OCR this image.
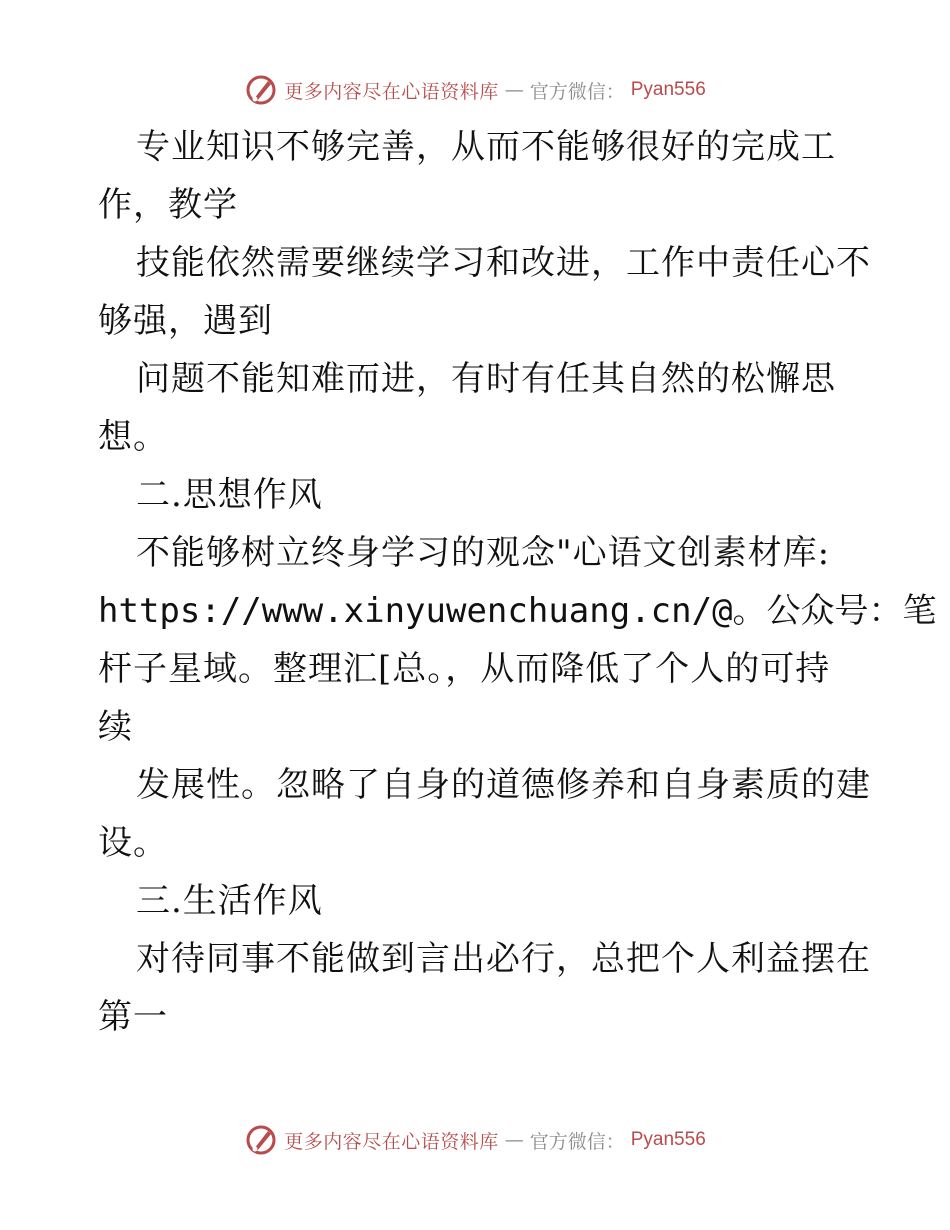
更多内容尽在心语资料库 — 官方微信： Pyan556
专业知识不够完善，从而不能够很好的完成工
作，教学
技能依然需要继续学习和改进，工作中责任心不
够强，遇到
问题不能知难而进，有时有任其自然的松懈思
想。
二.思想作风
不能够树立终身学习的观念"心语文创素材库:
https://www.xinyuwenchuang.cn/@。公众号：笔
杆子星域。整理汇[总。，从而降低了个人的可持
续
发展性。忽略了自身的道德修养和自身素质的建
设。
三.生活作风
对待同事不能做到言出必行，总把个人利益摆在
第一
更多内容尽在心语资料库 — 官方微信： Pyan556
